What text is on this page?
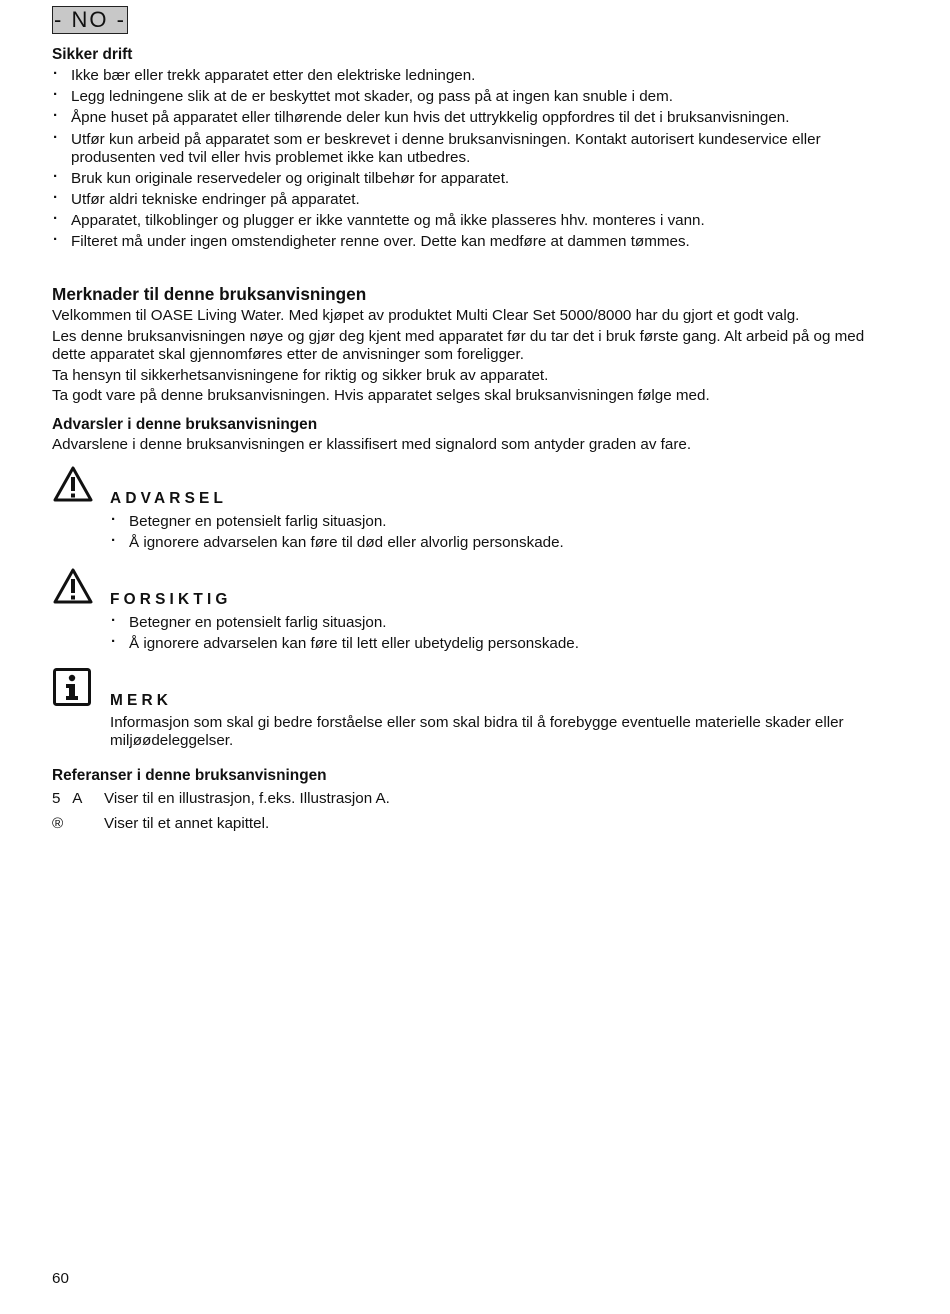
- NO -
Sikker drift
· Ikke bær eller trekk apparatet etter den elektriske ledningen.
· Legg ledningene slik at de er beskyttet mot skader, og pass på at ingen kan snuble i dem.
· Åpne huset på apparatet eller tilhørende deler kun hvis det uttrykkelig oppfordres til det i bruksanvisningen.
· Utfør kun arbeid på apparatet som er beskrevet i denne bruksanvisningen. Kontakt autorisert kundeservice eller produsenten ved tvil eller hvis problemet ikke kan utbedres.
· Bruk kun originale reservedeler og originalt tilbehør for apparatet.
· Utfør aldri tekniske endringer på apparatet.
· Apparatet, tilkoblinger og plugger er ikke vanntette og må ikke plasseres hhv. monteres i vann.
· Filteret må under ingen omstendigheter renne over. Dette kan medføre at dammen tømmes.
Merknader til denne bruksanvisningen

Velkommen til OASE Living Water. Med kjøpet av produktet Multi Clear Set 5000/8000 har du gjort et godt valg.

Les denne bruksanvisningen nøye og gjør deg kjent med apparatet før du tar det i bruk første gang. Alt arbeid på og med dette apparatet skal gjennomføres etter de anvisninger som foreligger.

Ta hensyn til sikkerhetsanvisningene for riktig og sikker bruk av apparatet.

Ta godt vare på denne bruksanvisningen. Hvis apparatet selges skal bruksanvisningen følge med.

Advarsler i denne bruksanvisningen
Advarslene i denne bruksanvisningen er klassifisert med signalord som antyder graden av fare.
ADVARSEL
· Betegner en potensielt farlig situasjon.
· Å ignorere advarselen kan føre til død eller alvorlig personskade.
FORSIKTIG
· Betegner en potensielt farlig situasjon.
· Å ignorere advarselen kan føre til lett eller ubetydelig personskade.
MERK
Informasjon som skal gi bedre forståelse eller som skal bidra til å forebygge eventuelle materielle skader eller miljøødeleggelser.
Referanser i denne bruksanvisningen
5   A Viser til en illustrasjon, f.eks. Illustrasjon A.
®	Viser til et annet kapittel.
60
